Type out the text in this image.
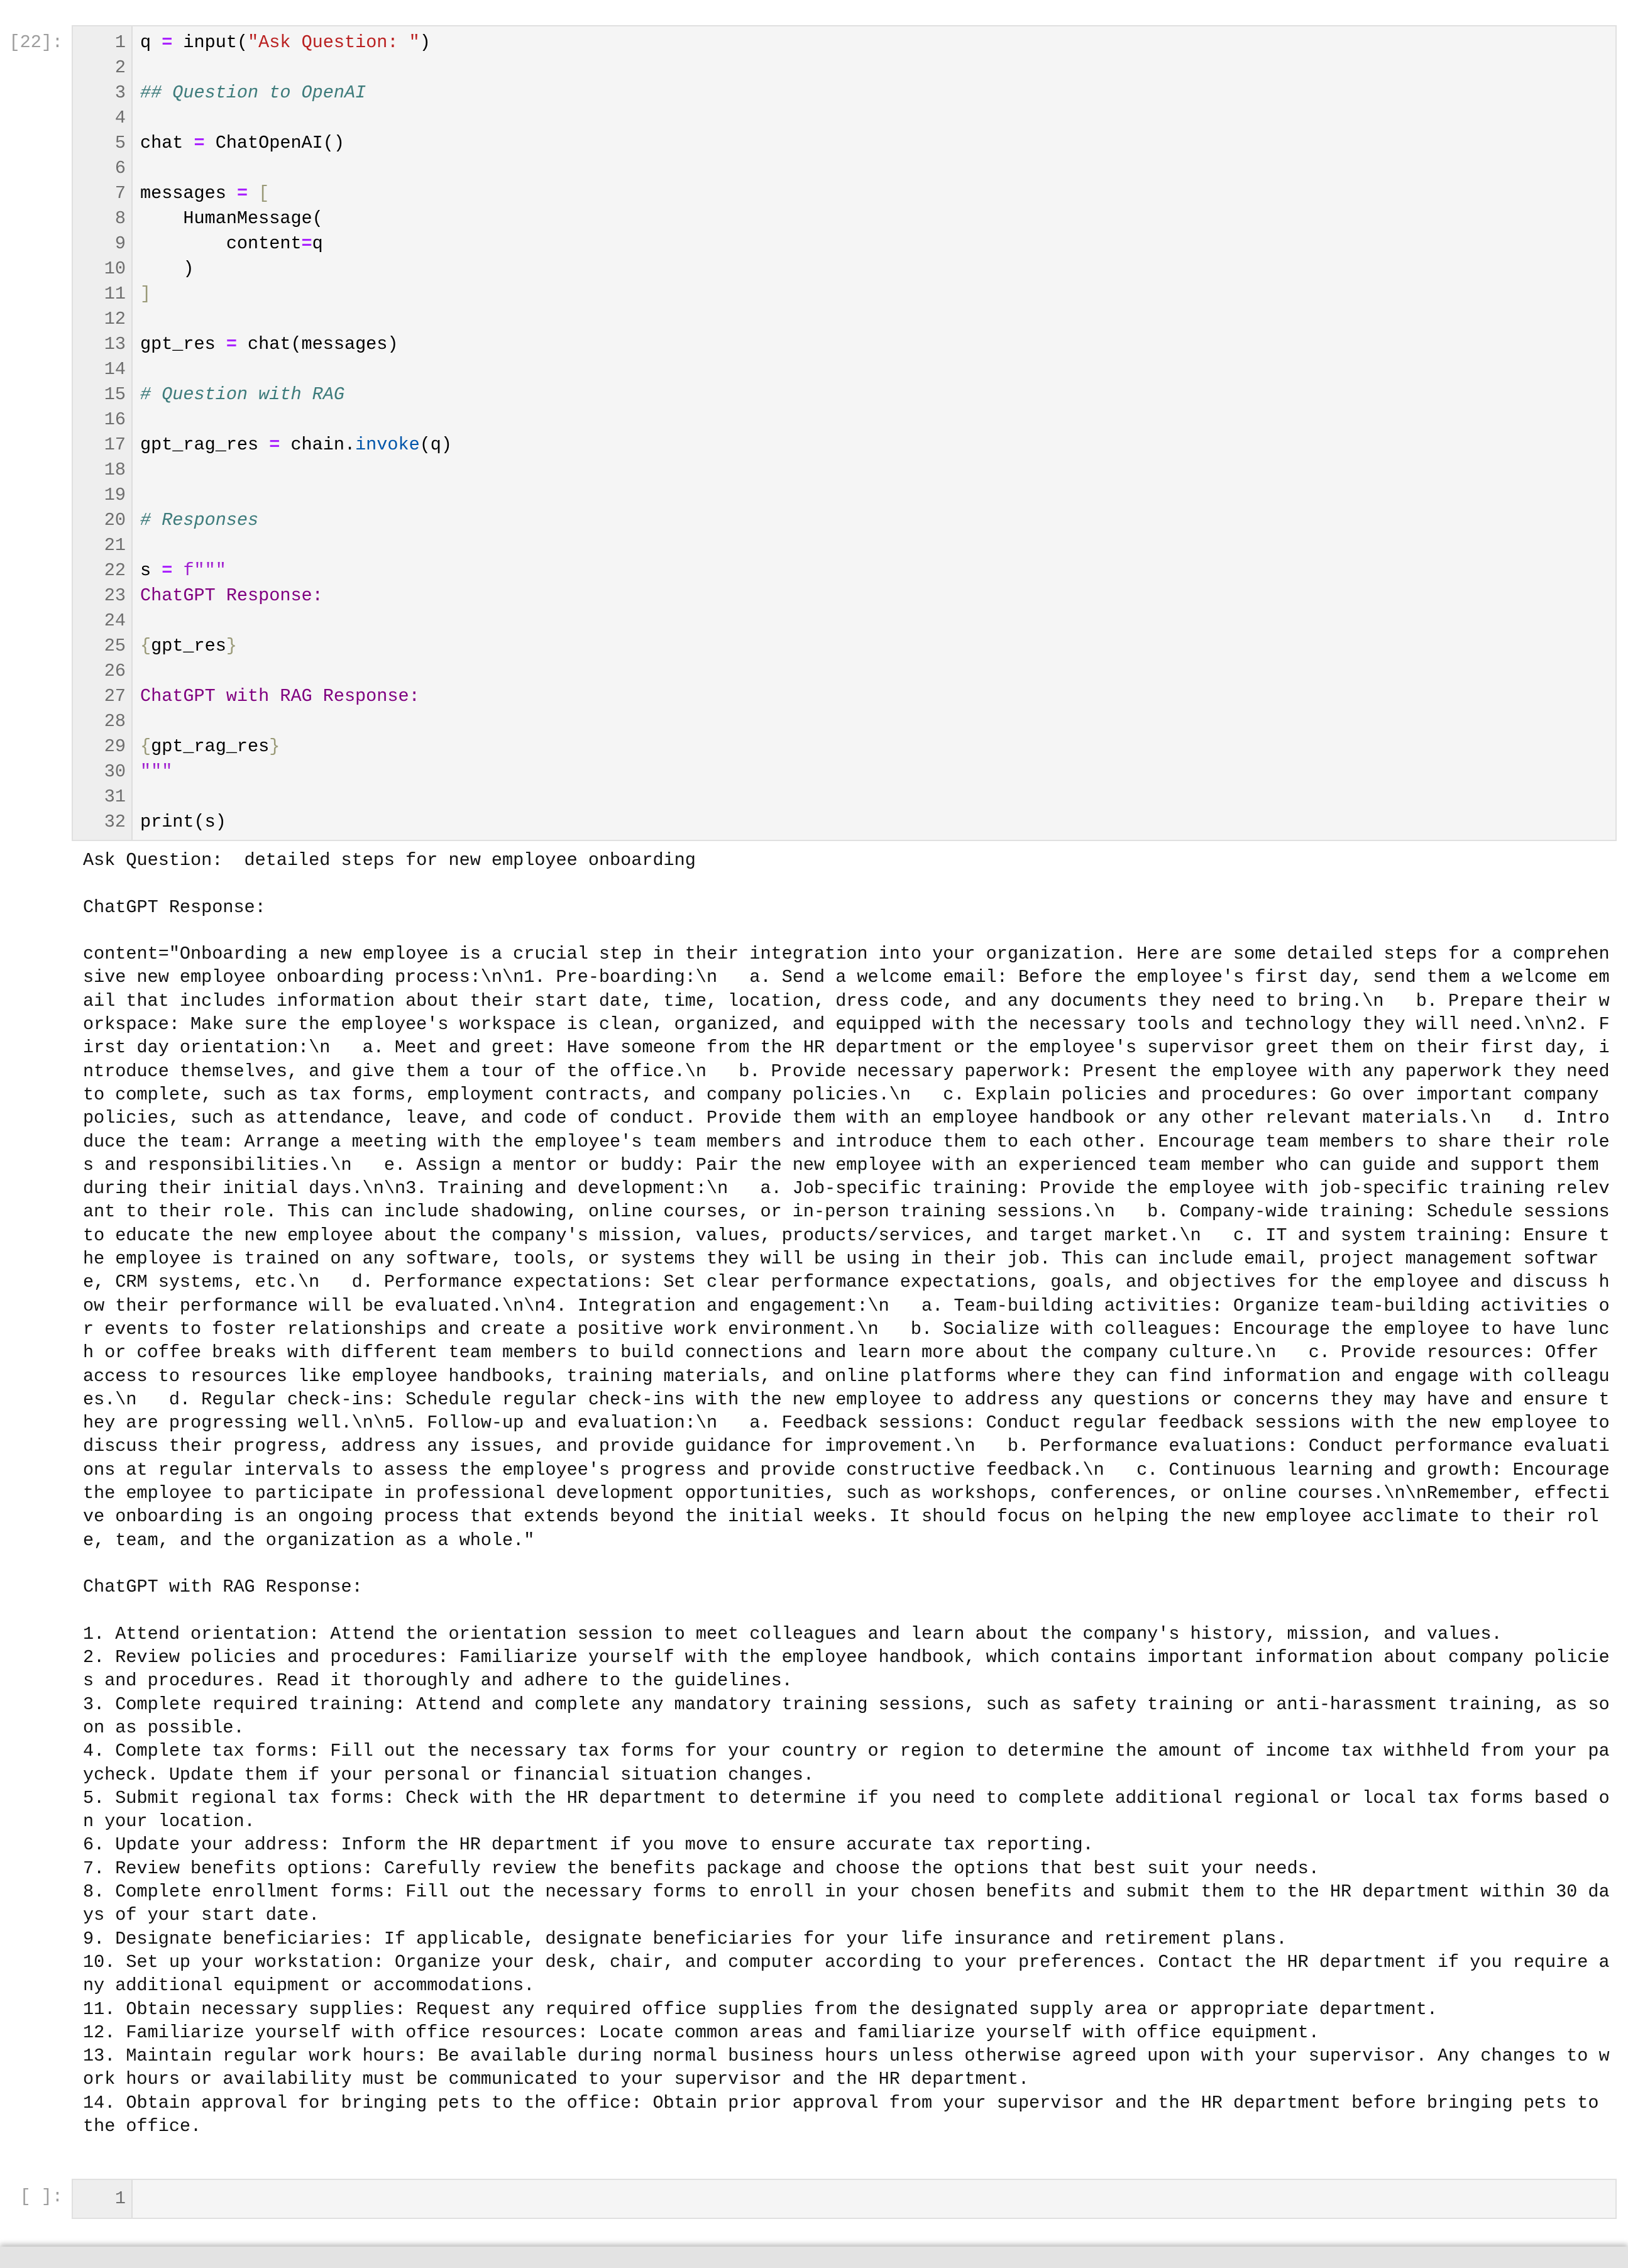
[22]:	1 q = input("Ask Question: ")
2
3 ## Question to OpenAI
4
5 chat = ChatOpenAI()
6
7 messages = [
8 HumanMessage(
9 content=q
10 )
11 ]
12
13 gpt_res = chat(messages)
14
15 # Question with RAG
16
17 gpt_rag_res = chain.invoke(q)
18
19
20 # Responses
21
22 s = f"""
23 ChatGPT Response:
24
25 {gpt_res}
26
27 ChatGPT with RAG Response:
28
29 {gpt_rag_res}
30 """
31
32 print(s)
Ask Question:  detailed steps for new employee onboarding
ChatGPT Response:
content="Onboarding a new employee is a crucial step in their integration into your organization. Here are some detailed steps for a comprehensive new employee onboarding process:\n\n1. Pre-boarding:\n   a. Send a welcome email: Before the employee's first day, send them a welcome email that includes information about their start date, time, location, dress code, and any documents they need to bring.\n   b. Prepare their workspace: Make sure the employee's workspace is clean, organized, and equipped with the necessary tools and technology they will need.\n\n2. First day orientation:\n   a. Meet and greet: Have someone from the HR department or the employee's supervisor greet them on their first day, introduce themselves, and give them a tour of the office.\n   b. Provide necessary paperwork: Present the employee with any paperwork they need to complete, such as tax forms, employment contracts, and company policies.\n   c. Explain policies and procedures: Go over important company policies, such as attendance, leave, and code of conduct. Provide them with an employee handbook or any other relevant materials.\n   d. Introduce the team: Arrange a meeting with the employee's team members and introduce them to each other. Encourage team members to share their roles and responsibilities.\n   e. Assign a mentor or buddy: Pair the new employee with an experienced team member who can guide and support them during their initial days.\n\n3. Training and development:\n   a. Job-specific training: Provide the employee with job-specific training relevant to their role. This can include shadowing, online courses, or in-person training sessions.\n   b. Company-wide training: Schedule sessions to educate the new employee about the company's mission, values, products/services, and target market.\n   c. IT and system training: Ensure the employee is trained on any software, tools, or systems they will be using in their job. This can include email, project management software, CRM systems, etc.\n   d. Performance expectations: Set clear performance expectations, goals, and objectives for the employee and discuss how their performance will be evaluated.\n\n4. Integration and engagement:\n   a. Team-building activities: Organize team-building activities or events to foster relationships and create a positive work environment.\n   b. Socialize with colleagues: Encourage the employee to have lunch or coffee breaks with different team members to build connections and learn more about the company culture.\n   c. Provide resources: Offer access to resources like employee handbooks, training materials, and online platforms where they can find information and engage with colleagues.\n   d. Regular check-ins: Schedule regular check-ins with the new employee to address any questions or concerns they may have and ensure they are progressing well.\n\n5. Follow-up and evaluation:\n   a. Feedback sessions: Conduct regular feedback sessions with the new employee to discuss their progress, address any issues, and provide guidance for improvement.\n   b. Performance evaluations: Conduct performance evaluations at regular intervals to assess the employee's progress and provide constructive feedback.\n   c. Continuous learning and growth: Encourage the employee to participate in professional development opportunities, such as workshops, conferences, or online courses.\n\nRemember, effective onboarding is an ongoing process that extends beyond the initial weeks. It should focus on helping the new employee acclimate to their role, team, and the organization as a whole."
ChatGPT with RAG Response:
1. Attend orientation: Attend the orientation session to meet colleagues and learn about the company's history, mission, and values.
2. Review policies and procedures: Familiarize yourself with the employee handbook, which contains important information about company policies and procedures. Read it thoroughly and adhere to the guidelines.
3. Complete required training: Attend and complete any mandatory training sessions, such as safety training or anti-harassment training, as soon as possible.
4. Complete tax forms: Fill out the necessary tax forms for your country or region to determine the amount of income tax withheld from your paycheck. Update them if your personal or financial situation changes.
5. Submit regional tax forms: Check with the HR department to determine if you need to complete additional regional or local tax forms based on your location.
6. Update your address: Inform the HR department if you move to ensure accurate tax reporting.
7. Review benefits options: Carefully review the benefits package and choose the options that best suit your needs.
8. Complete enrollment forms: Fill out the necessary forms to enroll in your chosen benefits and submit them to the HR department within 30 days of your start date.
9. Designate beneficiaries: If applicable, designate beneficiaries for your life insurance and retirement plans.
10. Set up your workstation: Organize your desk, chair, and computer according to your preferences. Contact the HR department if you require any additional equipment or accommodations.
11. Obtain necessary supplies: Request any required office supplies from the designated supply area or appropriate department.
12. Familiarize yourself with office resources: Locate common areas and familiarize yourself with office equipment.
13. Maintain regular work hours: Be available during normal business hours unless otherwise agreed upon with your supervisor. Any changes to work hours or availability must be communicated to your supervisor and the HR department.
14. Obtain approval for bringing pets to the office: Obtain prior approval from your supervisor and the HR department before bringing pets to the office.
[ ]:	1
